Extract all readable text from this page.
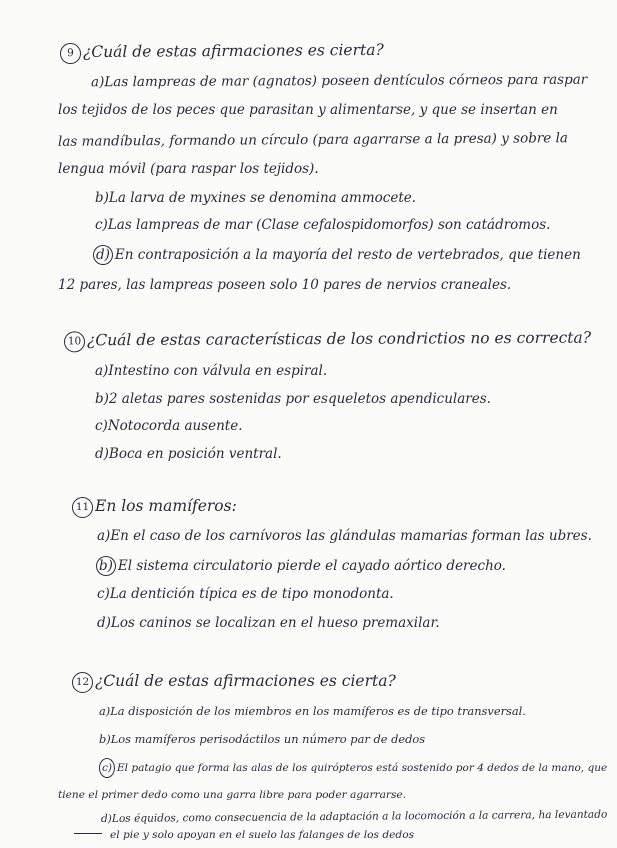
9 ¿Cuál de estas afirmaciones es cierta?
a)Las lampreas de mar (agnatos) poseen dentículos córneos para raspar
los tejidos de los peces que parasitan y alimentarse, y que se insertan en
las mandíbulas, formando un círculo (para agarrarse a la presa) y sobre la
lengua móvil (para raspar los tejidos).
b)La larva de myxines se denomina ammocete.
c)Las lampreas de mar (Clase cefalospidomorfos) son catádromos.
d) En contraposición a la mayoría del resto de vertebrados, que tienen
12 pares, las lampreas poseen solo 10 pares de nervios craneales.
10 ¿Cuál de estas características de los condrictios no es correcta?
a)Intestino con válvula en espiral.
b)2 aletas pares sostenidas por esqueletos apendiculares.
c)Notocorda ausente.
d)Boca en posición ventral.
11 En los mamíferos:
a)En el caso de los carnívoros las glándulas mamarias forman las ubres.
b) El sistema circulatorio pierde el cayado aórtico derecho.
c)La dentición típica es de tipo monodonta.
d)Los caninos se localizan en el hueso premaxilar.
12 ¿Cuál de estas afirmaciones es cierta?
a)La disposición de los miembros en los mamíferos es de tipo transversal.
b)Los mamíferos perisodáctilos un número par de dedos
c) El patagio que forma las alas de los quirópteros está sostenido por 4 dedos de la mano, que
tiene el primer dedo como una garra libre para poder agarrarse.
d)Los équidos, como consecuencia de la adaptación a la locomoción a la carrera, ha levantado
el pie y solo apoyan en el suelo las falanges de los dedos
